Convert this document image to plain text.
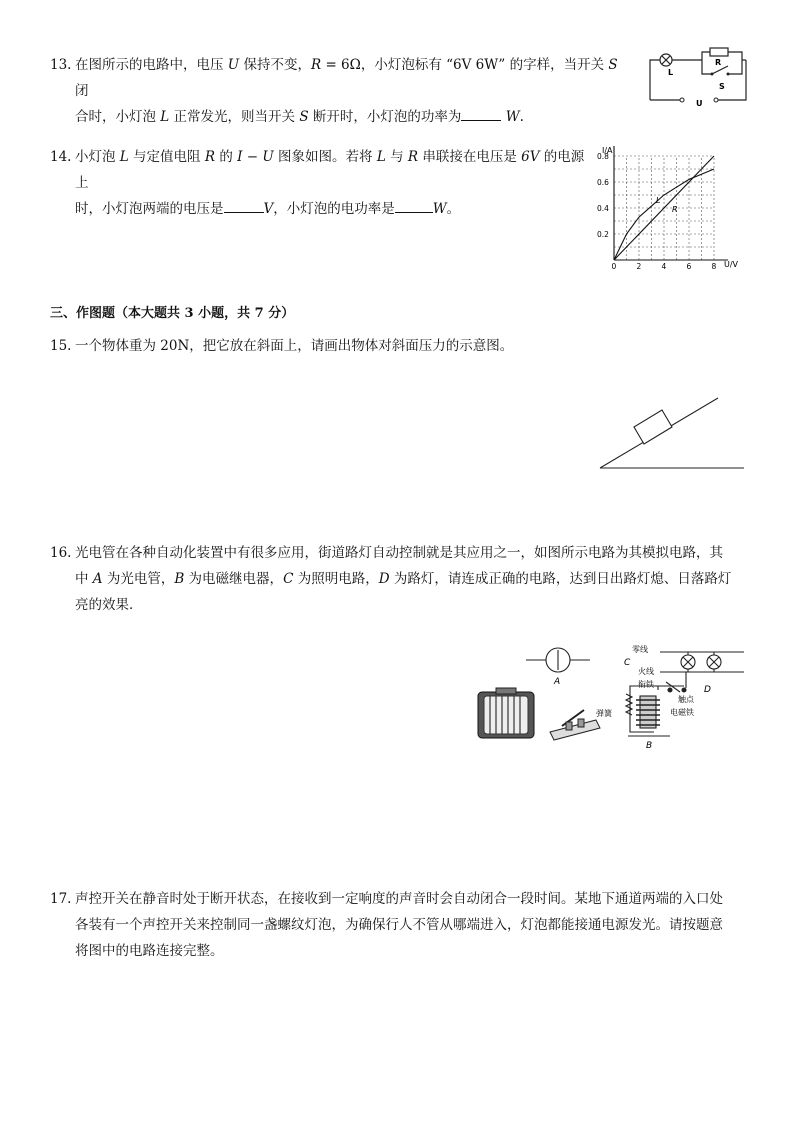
13. 在图所示的电路中，电压 U 保持不变，R = 6Ω，小灯泡标有 “6V 6W” 的字样，当开关 S 闭
合时，小灯泡 L 正常发光，则当开关 S 断开时，小灯泡的功率为	W.
L
R
S
U
14. 小灯泡 L 与定值电阻 R 的 I − U 图象如图。若将 L 与 R 串联接在电压是 6V 的电源上
时，小灯泡两端的电压是	V，小灯泡的电功率是	W。
0	2	4	6	8
0.2
0.4
0.6
0.8
I/A
U/V
L
R
三、作图题（本大题共 3 小题，共 7 分）
15. 一个物体重为 20N，把它放在斜面上，请画出物体对斜面压力的示意图。
16. 光电管在各种自动化装置中有很多应用，街道路灯自动控制就是其应用之一，如图所示电路为其模拟电路，其
中 A 为光电管，B 为电磁继电器，C 为照明电路，D 为路灯，请连成正确的电路，达到日出路灯熄、日落路灯
亮的效果．
A
零线
C
火线
衔铁
D
弹簧
触点
电磁铁
B
17. 声控开关在静音时处于断开状态，在接收到一定响度的声音时会自动闭合一段时间。某地下通道两端的入口处
各装有一个声控开关来控制同一盏螺纹灯泡，为确保行人不管从哪端进入，灯泡都能接通电源发光。请按题意
将图中的电路连接完整。
